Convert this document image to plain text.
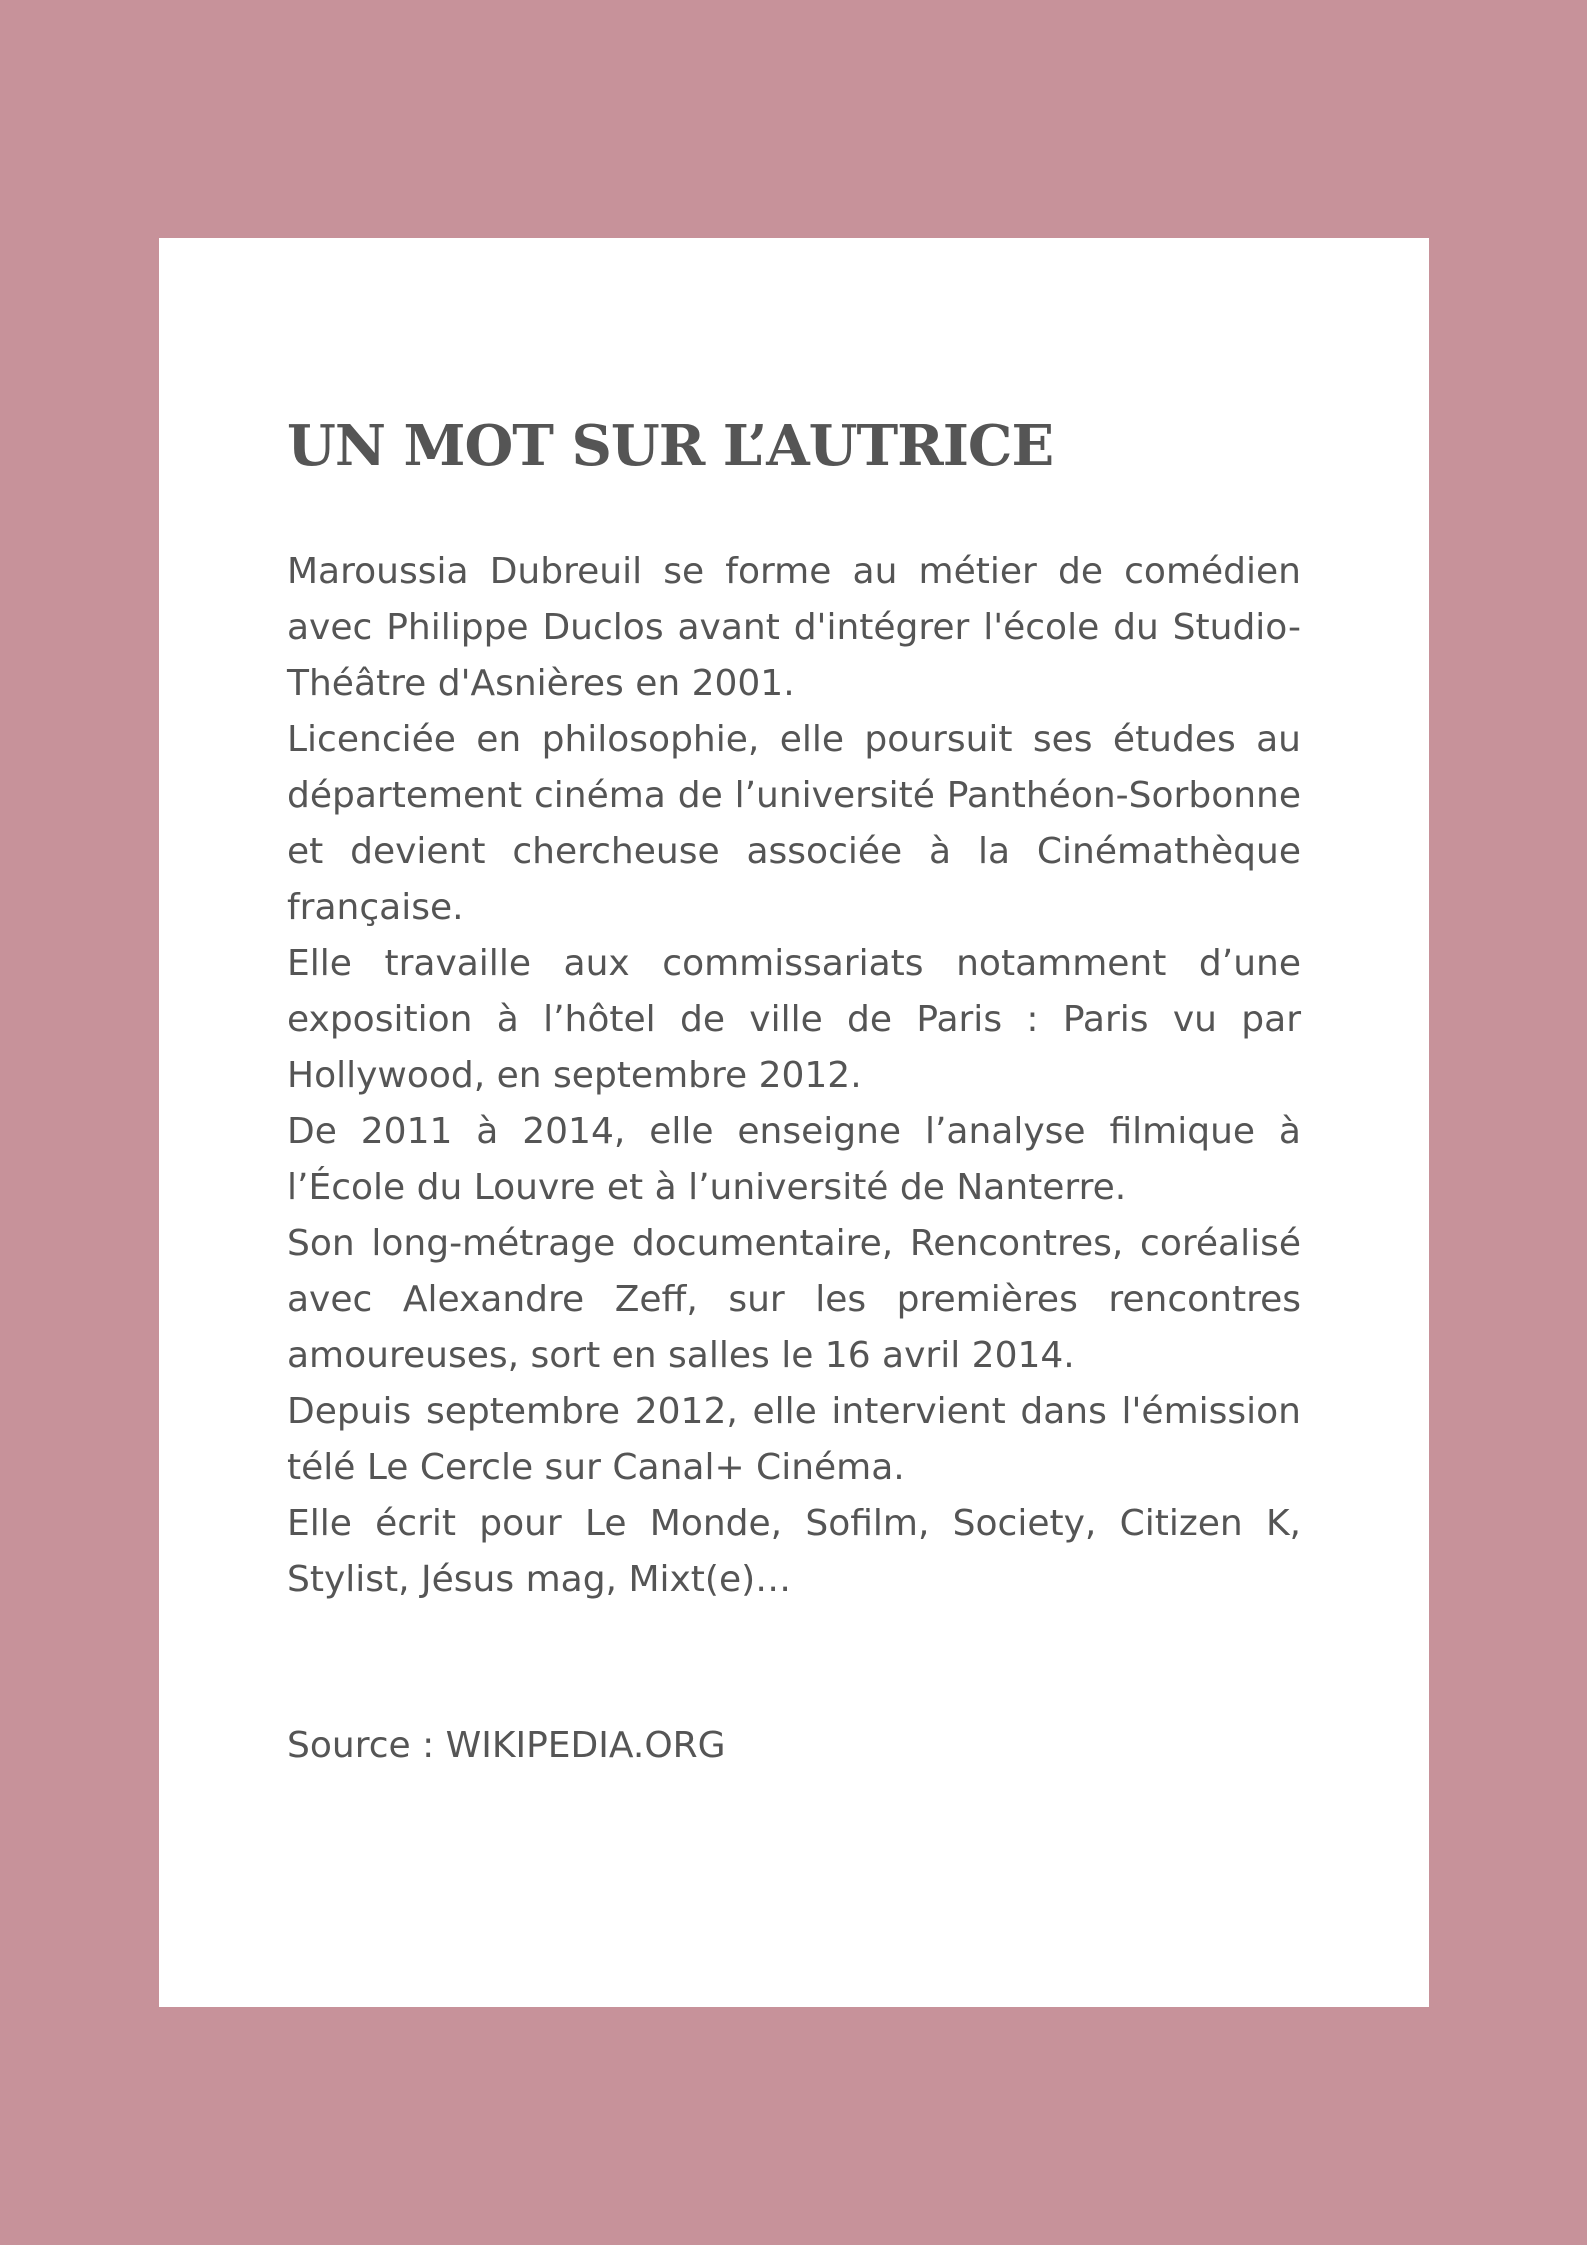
UN MOT SUR L’AUTRICE

Maroussia Dubreuil se forme au métier de comédien avec Philippe Duclos avant d'intégrer l'école du Studio-Théâtre d'Asnières en 2001.

Licenciée en philosophie, elle poursuit ses études au département cinéma de l’université Panthéon-Sorbonne et devient chercheuse associée à la Cinémathèque française.

Elle travaille aux commissariats notamment d’une exposition à l’hôtel de ville de Paris : Paris vu par Hollywood, en septembre 2012.

De 2011 à 2014, elle enseigne l’analyse filmique à l’École du Louvre et à l’université de Nanterre.

Son long-métrage documentaire, Rencontres, coréalisé avec Alexandre Zeff, sur les premières rencontres amoureuses, sort en salles le 16 avril 2014.

Depuis septembre 2012, elle intervient dans l'émission télé Le Cercle sur Canal+ Cinéma.

Elle écrit pour Le Monde, Sofilm, Society, Citizen K, Stylist, Jésus mag, Mixt(e)…

Source : WIKIPEDIA.ORG
